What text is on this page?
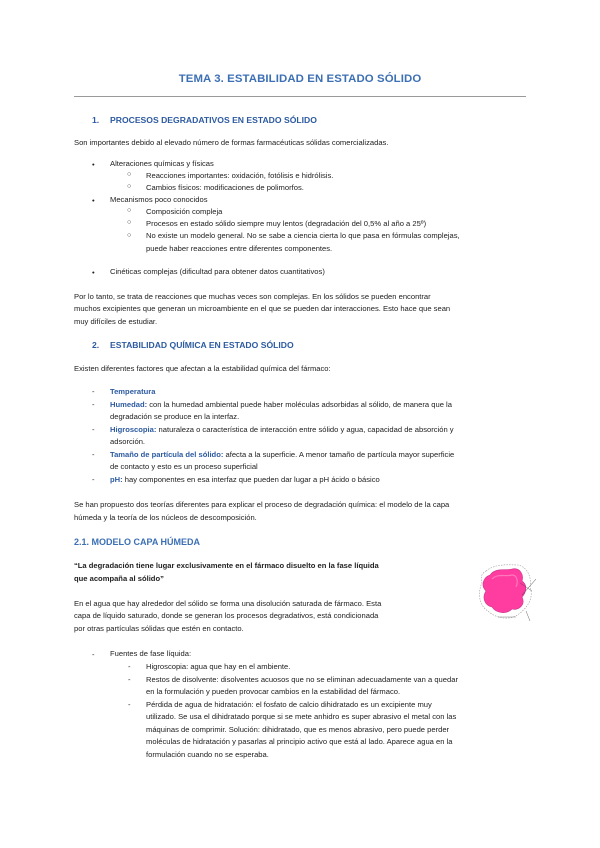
TEMA 3. ESTABILIDAD EN ESTADO SÓLIDO
1. PROCESOS DEGRADATIVOS EN ESTADO SÓLIDO
Son importantes debido al elevado número de formas farmacéuticas sólidas comercializadas.
• Alteraciones químicas y físicas
○ Reacciones importantes: oxidación, fotólisis e hidrólisis.
○ Cambios físicos: modificaciones de polimorfos.
• Mecanismos poco conocidos
○ Composición compleja
○ Procesos en estado sólido siempre muy lentos (degradación del 0,5% al año a 25º)
○ No existe un modelo general. No se sabe a ciencia cierta lo que pasa en fórmulas complejas,
puede haber reacciones entre diferentes componentes.
• Cinéticas complejas (dificultad para obtener datos cuantitativos)
Por lo tanto, se trata de reacciones que muchas veces son complejas. En los sólidos se pueden encontrar
muchos excipientes que generan un microambiente en el que se pueden dar interacciones. Esto hace que sean
muy difíciles de estudiar.
2. ESTABILIDAD QUÍMICA EN ESTADO SÓLIDO
Existen diferentes factores que afectan a la estabilidad química del fármaco:
- Temperatura
- Humedad: con la humedad ambiental puede haber moléculas adsorbidas al sólido, de manera que la
degradación se produce en la interfaz.
- Higroscopia: naturaleza o característica de interacción entre sólido y agua, capacidad de absorción y
adsorción.
- Tamaño de partícula del sólido: afecta a la superficie. A menor tamaño de partícula mayor superficie
de contacto y esto es un proceso superficial
- pH: hay componentes en esa interfaz que pueden dar lugar a pH ácido o básico
Se han propuesto dos teorías diferentes para explicar el proceso de degradación química: el modelo de la capa
húmeda y la teoría de los núcleos de descomposición.
2.1. MODELO CAPA HÚMEDA
“La degradación tiene lugar exclusivamente en el fármaco disuelto en la fase líquida
que acompaña al sólido”
En el agua que hay alrededor del sólido se forma una disolución saturada de fármaco. Esta
capa de líquido saturado, donde se generan los procesos degradativos, está condicionada
por otras partículas sólidas que estén en contacto.
- Fuentes de fase líquida:
- Higroscopia: agua que hay en el ambiente.
- Restos de disolvente: disolventes acuosos que no se eliminan adecuadamente van a quedar
en la formulación y pueden provocar cambios en la estabilidad del fármaco.
- Pérdida de agua de hidratación: el fosfato de calcio dihidratado es un excipiente muy
utilizado. Se usa el dihidratado porque si se mete anhidro es super abrasivo el metal con las
máquinas de comprimir. Solución: dihidratado, que es menos abrasivo, pero puede perder
moléculas de hidratación y pasarlas al principio activo que está al lado. Aparece agua en la
formulación cuando no se esperaba.
